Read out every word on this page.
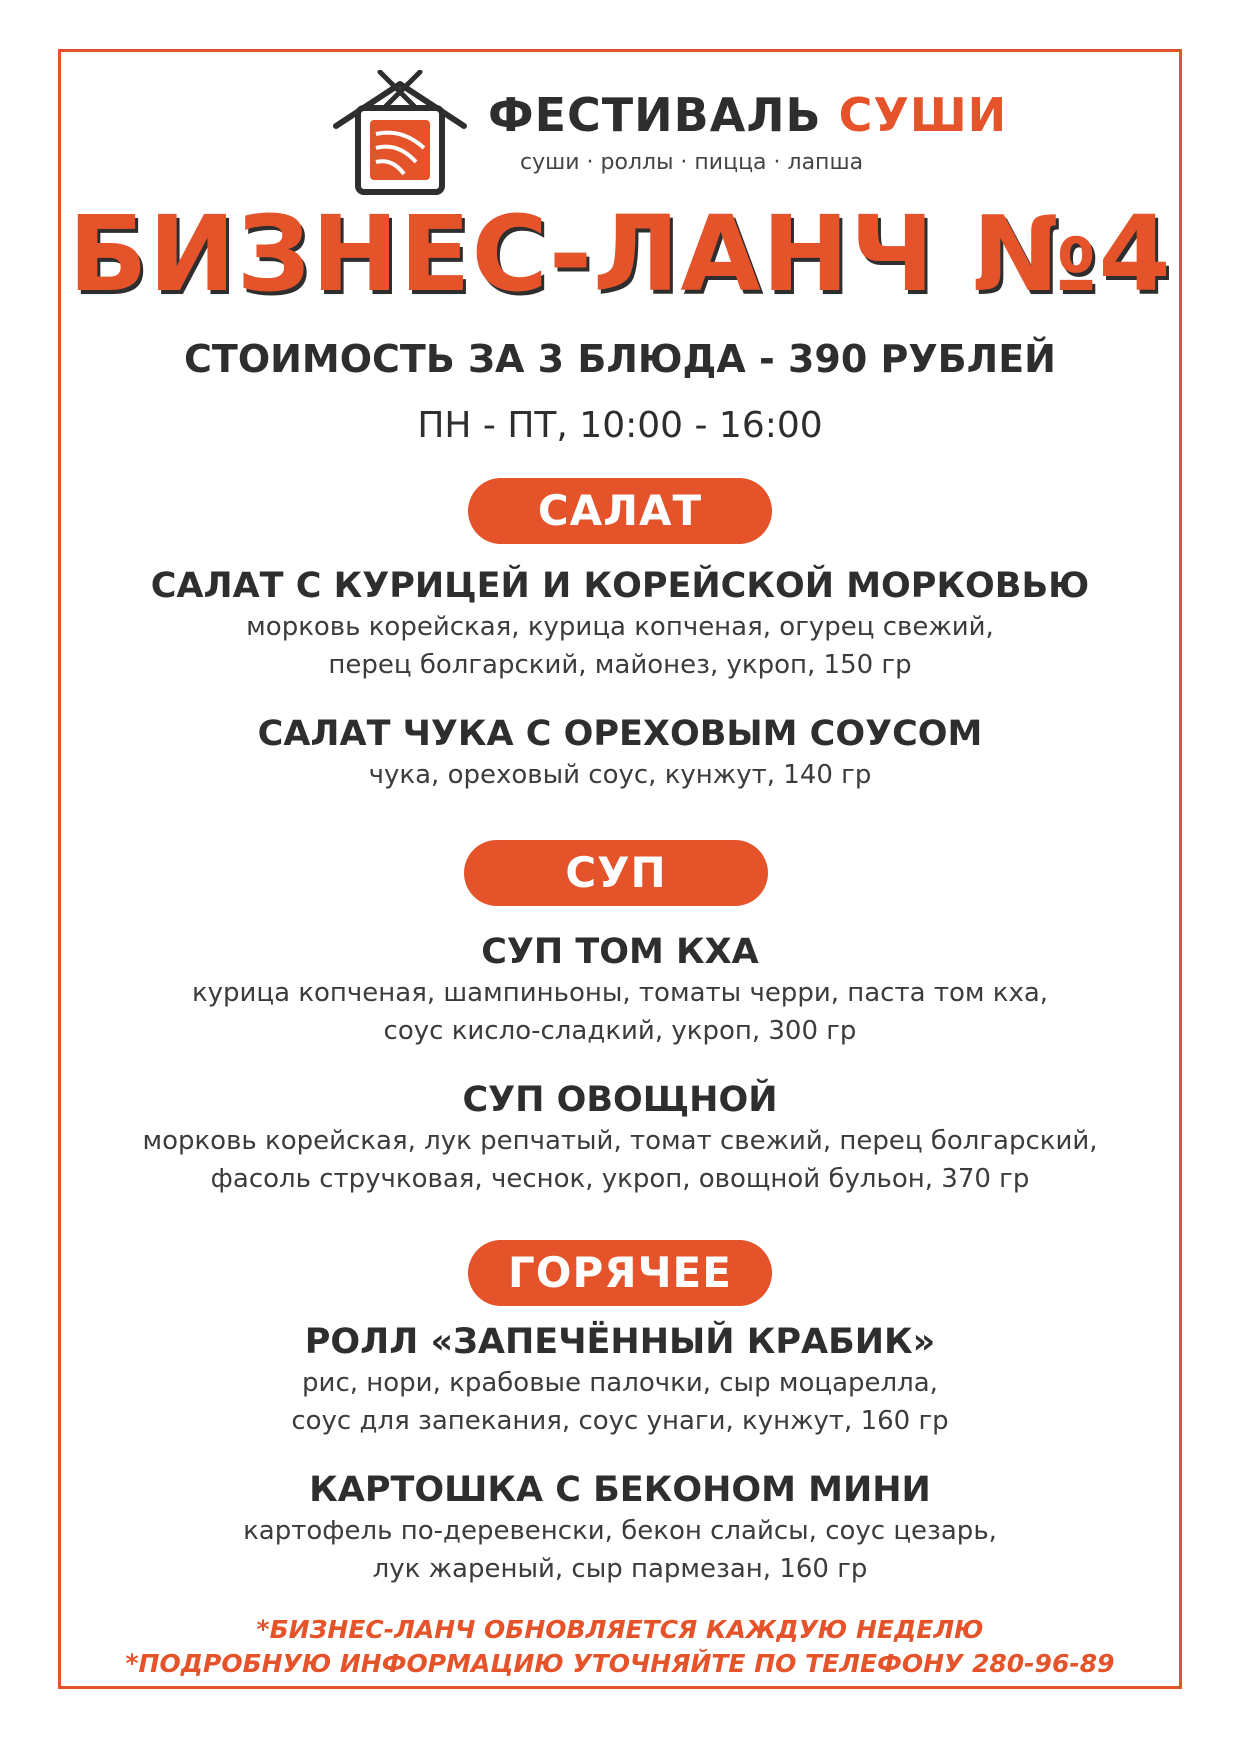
ФЕСТИВАЛЬ СУШИ
суши · роллы · пицца · лапша
БИЗНЕС-ЛАНЧ №4
СТОИМОСТЬ ЗА 3 БЛЮДА - 390 РУБЛЕЙ
ПН - ПТ, 10:00 - 16:00
САЛАТ
САЛАТ С КУРИЦЕЙ И КОРЕЙСКОЙ МОРКОВЬЮ
морковь корейская, курица копченая, огурец свежий,
перец болгарский, майонез, укроп, 150 гр
САЛАТ ЧУКА С ОРЕХОВЫМ СОУСОМ
чука, ореховый соус, кунжут, 140 гр
СУП
СУП ТОМ КХА
курица копченая, шампиньоны, томаты черри, паста том кха,
соус кисло-сладкий, укроп, 300 гр
СУП ОВОЩНОЙ
морковь корейская, лук репчатый, томат свежий, перец болгарский,
фасоль стручковая, чеснок, укроп, овощной бульон, 370 гр
ГОРЯЧЕЕ
РОЛЛ «ЗАПЕЧЁННЫЙ КРАБИК»
рис, нори, крабовые палочки, сыр моцарелла,
соус для запекания, соус унаги, кунжут, 160 гр
КАРТОШКА С БЕКОНОМ МИНИ
картофель по-деревенски, бекон слайсы, соус цезарь,
лук жареный, сыр пармезан, 160 гр
*БИЗНЕС-ЛАНЧ ОБНОВЛЯЕТСЯ КАЖДУЮ НЕДЕЛЮ
*ПОДРОБНУЮ ИНФОРМАЦИЮ УТОЧНЯЙТЕ ПО ТЕЛЕФОНУ 280-96-89
